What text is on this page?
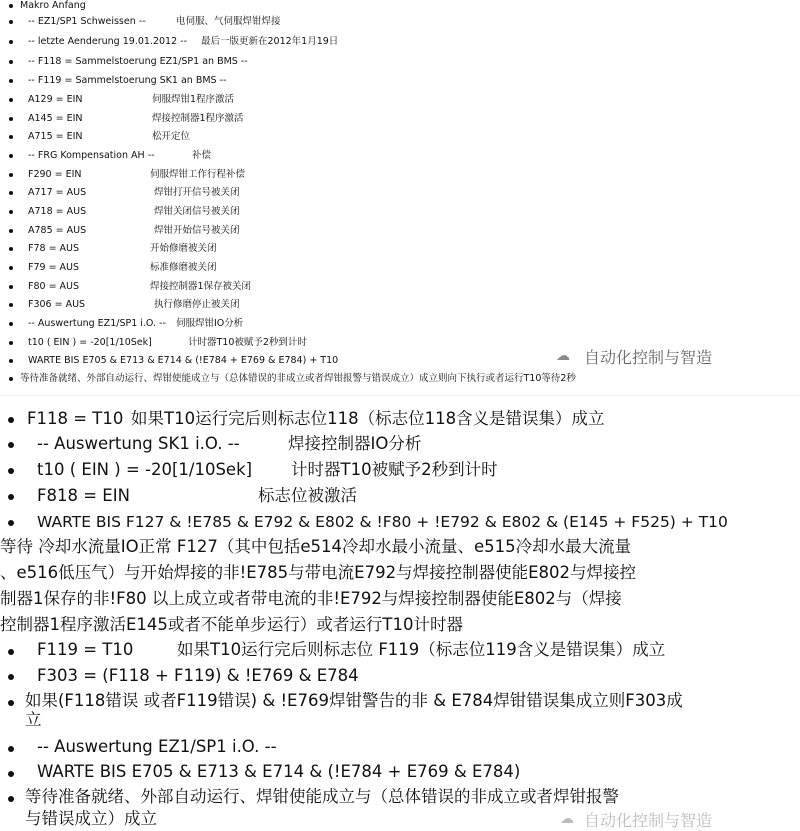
Makro Anfang
-- EZ1/SP1 Schweissen --	电伺服、气伺服焊钳焊接
-- letzte Aenderung 19.01.2012 -- 最后一版更新在2012年1月19日
-- F118 = Sammelstoerung EZ1/SP1 an BMS --
-- F119 = Sammelstoerung SK1 an BMS --
A129 = EIN	伺服焊钳1程序激活
A145 = EIN	焊接控制器1程序激活
A715 = EIN	松开定位
-- FRG Kompensation AH --	补偿
F290 = EIN	伺服焊钳工作行程补偿
A717 = AUS	焊钳打开信号被关闭
A718 = AUS	焊钳关闭信号被关闭
A785 = AUS	焊钳开始信号被关闭
F78 = AUS	开始修磨被关闭
F79 = AUS	标准修磨被关闭
F80 = AUS	焊接控制器1保存被关闭
F306 = AUS	执行修磨停止被关闭
-- Auswertung EZ1/SP1 i.O. -- 伺服焊钳IO分析
t10 ( EIN ) = -20[1/10Sek]	计时器T10被赋予2秒到计时
WARTE BIS E705 & E713 & E714 & (!E784 + E769 & E784) + T10
等待准备就绪、外部自动运行、焊钳使能成立与（总体错误的非成立或者焊钳报警与错误成立）成立则向下执行或者运行T10等待2秒
☁ 自动化控制与智造
F118 = T10 如果T10运行完后则标志位118（标志位118含义是错误集）成立
-- Auswertung SK1 i.O. --	焊接控制器IO分析
t10 ( EIN ) = -20[1/10Sek] 计时器T10被赋予2秒到计时
F818 = EIN	标志位被激活
WARTE BIS F127 & !E785 & E792 & E802 & !F80 + !E792 & E802 & (E145 + F525) + T10
等待 冷却水流量IO正常 F127（其中包括e514冷却水最小流量、e515冷却水最大流量
、e516低压气）与开始焊接的非!E785与带电流E792与焊接控制器使能E802与焊接控
制器1保存的非!F80 以上成立或者带电流的非!E792与焊接控制器使能E802与（焊接
控制器1程序激活E145或者不能单步运行）或者运行T10计时器
F119 = T10	如果T10运行完后则标志位 F119（标志位119含义是错误集）成立
F303 = (F118 + F119) & !E769 & E784
如果(F118错误 或者F119错误) & !E769焊钳警告的非 & E784焊钳错误集成立则F303成
立
-- Auswertung EZ1/SP1 i.O. --
WARTE BIS E705 & E713 & E714 & (!E784 + E769 & E784)
等待准备就绪、外部自动运行、焊钳使能成立与（总体错误的非成立或者焊钳报警
与错误成立）成立	☁ 自动化控制与智造
